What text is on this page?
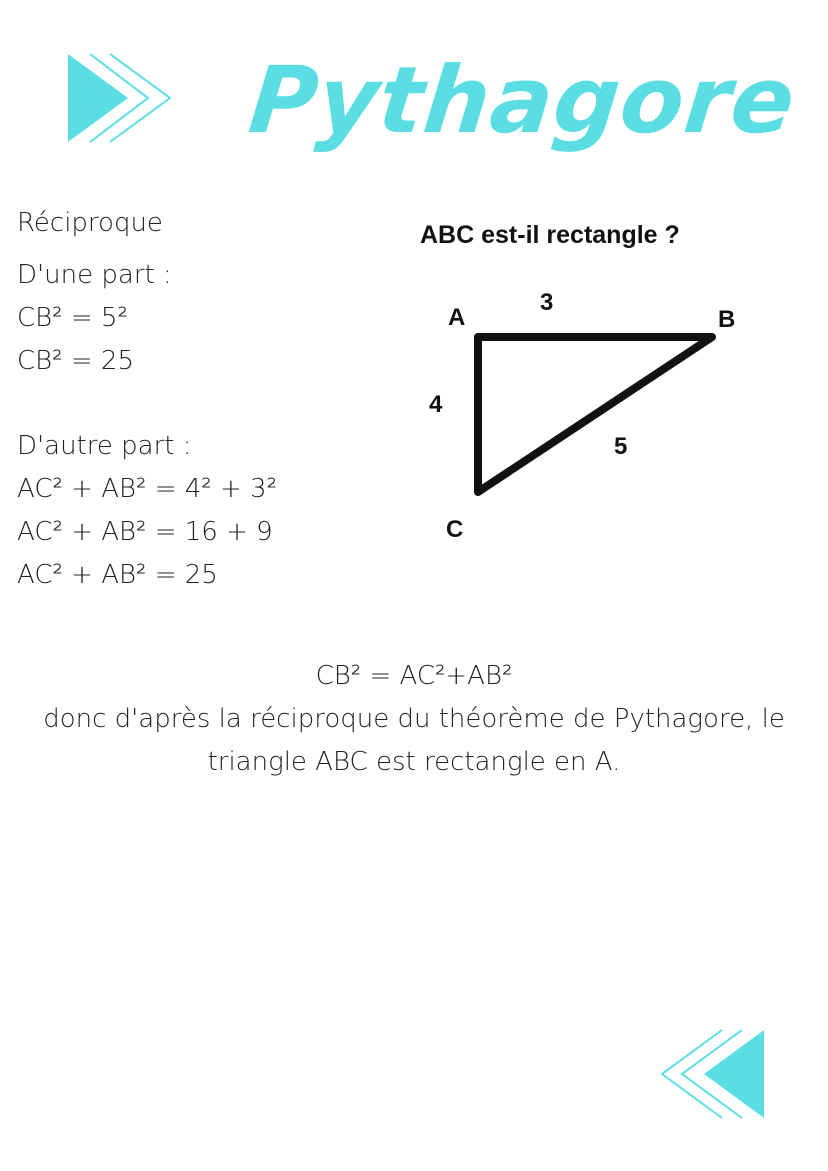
Pythagore
Réciproque
D'une part :
CB² = 5²
CB² = 25
D'autre part :
AC² + AB² = 4² + 3²
AC² + AB² = 16 + 9
AC² + AB² = 25
ABC est-il rectangle ?
A	B
C
3
4
5
CB² = AC²+AB²
donc d'après la réciproque du théorème de Pythagore, le
triangle ABC est rectangle en A.
